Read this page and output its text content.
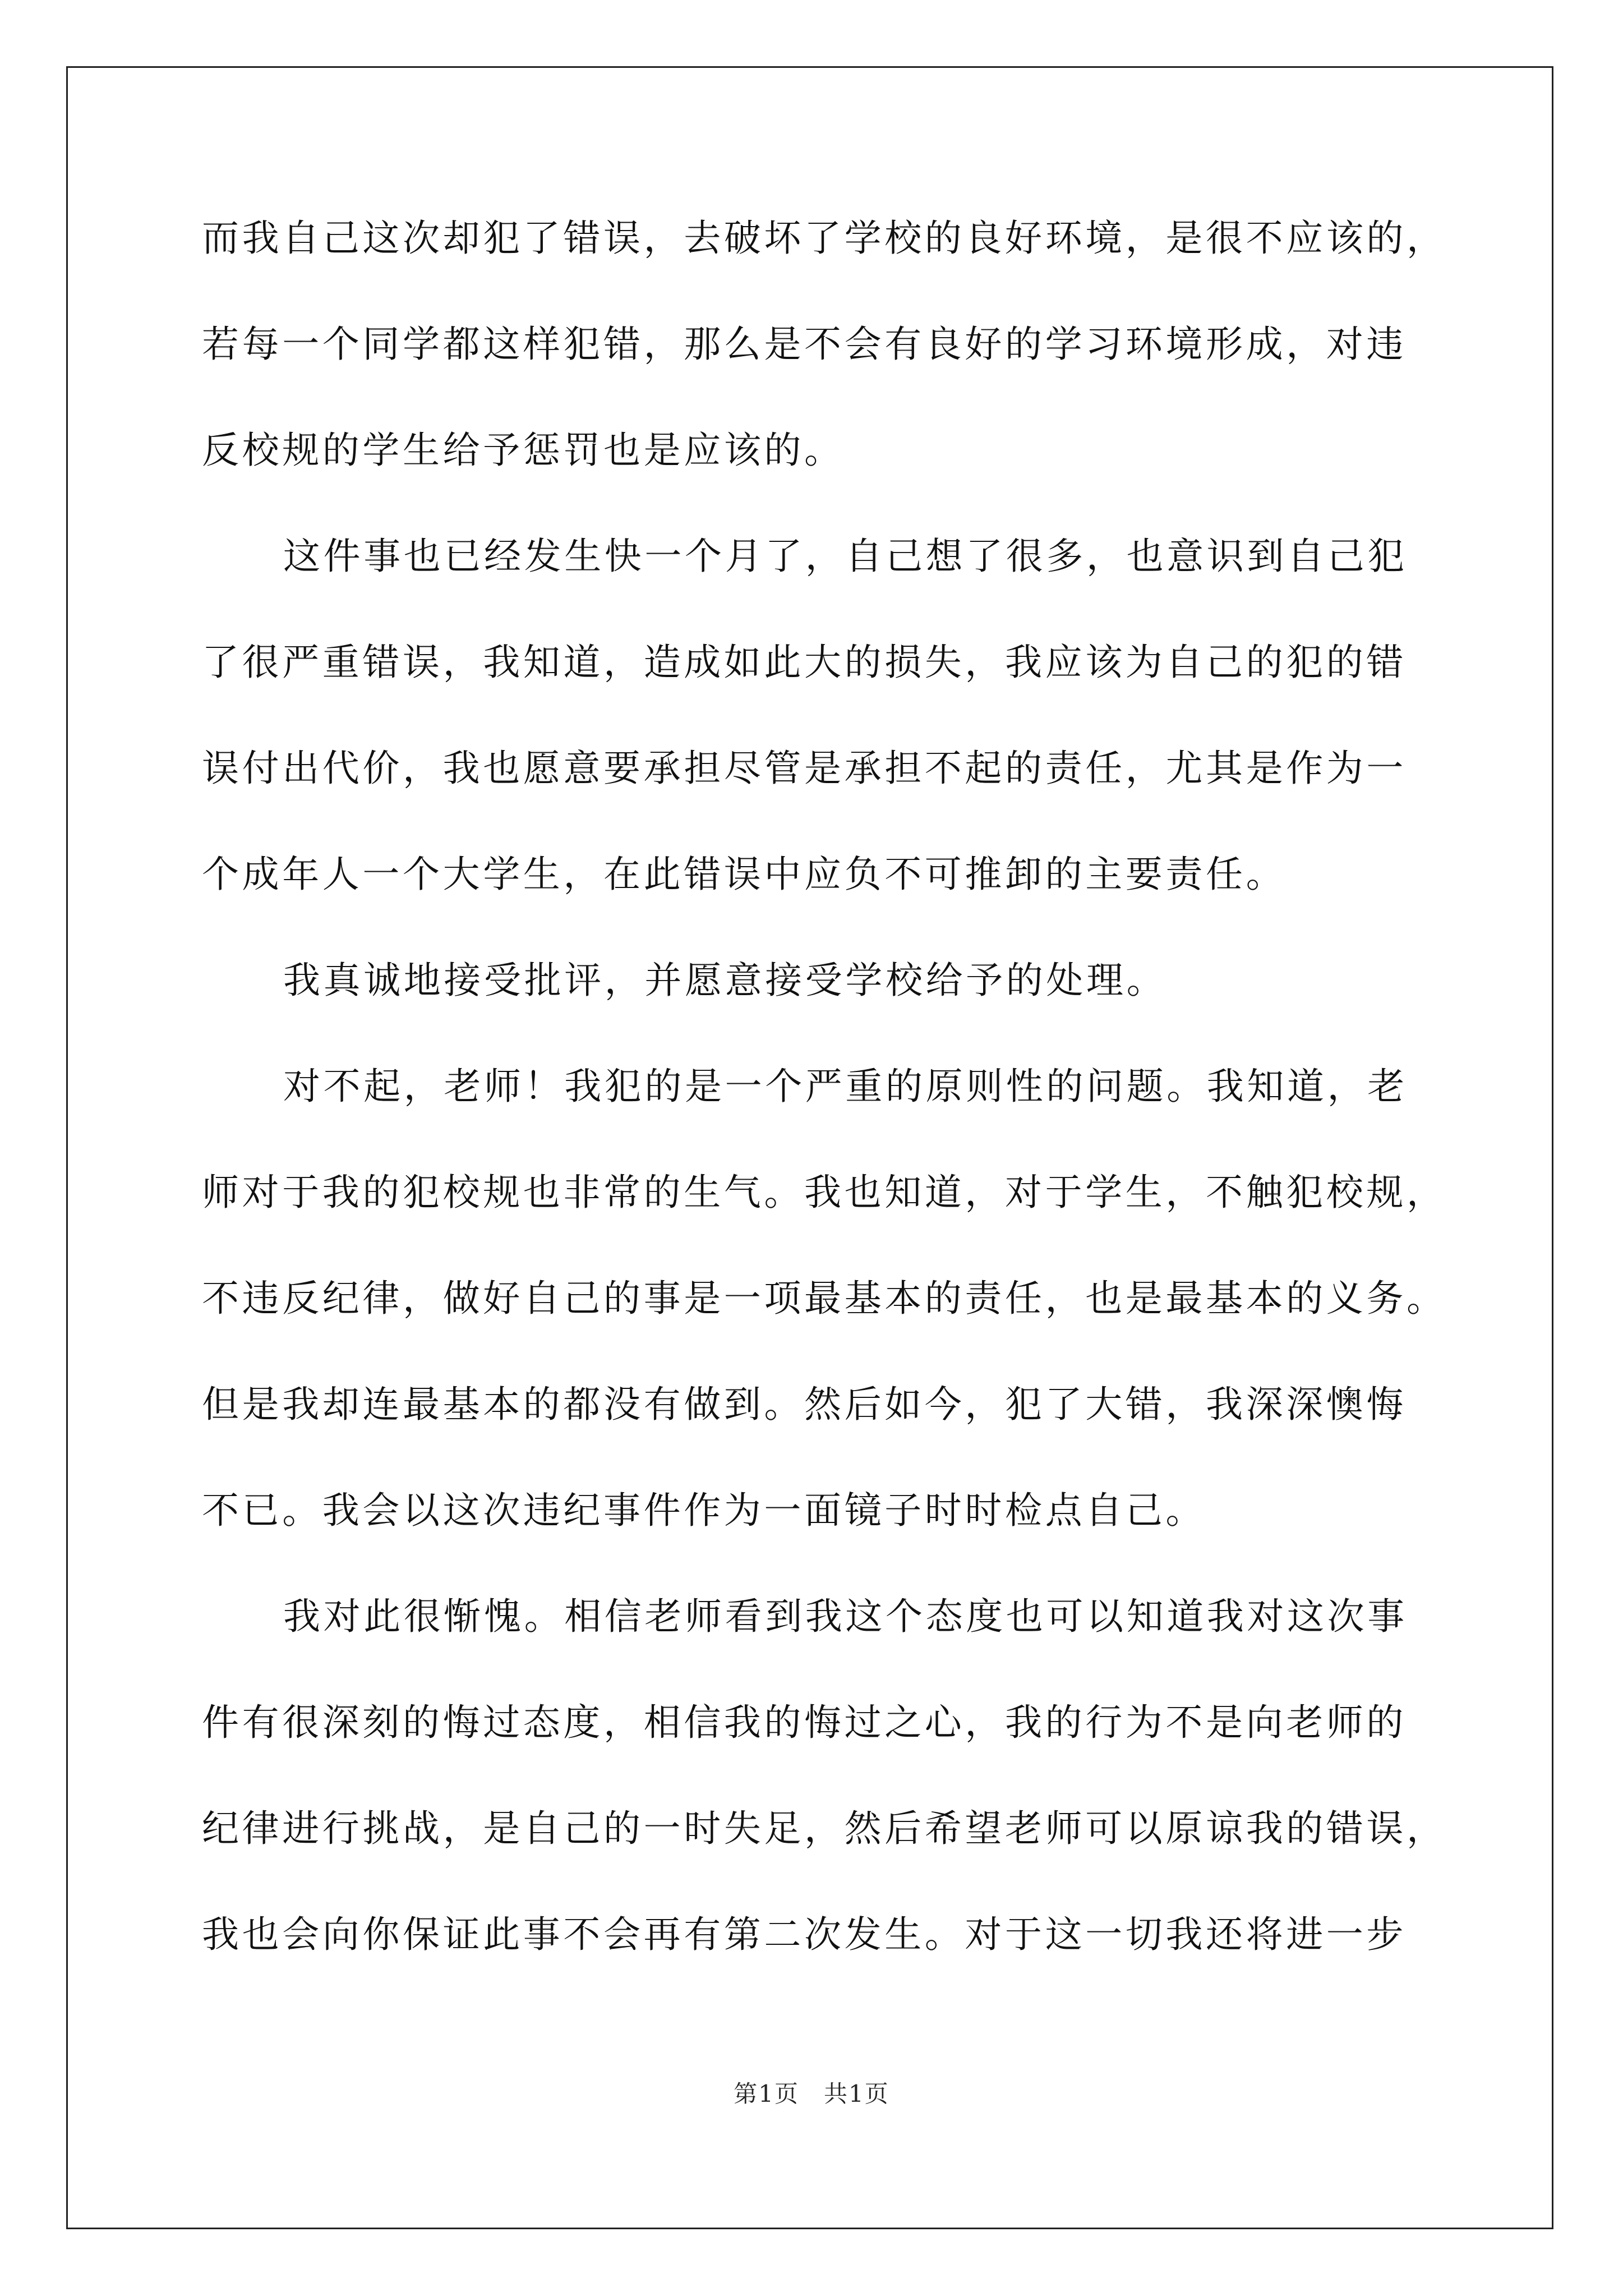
而我自己这次却犯了错误，去破坏了学校的良好环境，是很不应该的，
若每一个同学都这样犯错，那么是不会有良好的学习环境形成，对违
反校规的学生给予惩罚也是应该的。
这件事也已经发生快一个月了，自己想了很多，也意识到自己犯
了很严重错误，我知道，造成如此大的损失，我应该为自己的犯的错
误付出代价，我也愿意要承担尽管是承担不起的责任，尤其是作为一
个成年人一个大学生，在此错误中应负不可推卸的主要责任。
我真诚地接受批评，并愿意接受学校给予的处理。
对不起，老师！我犯的是一个严重的原则性的问题。我知道，老
师对于我的犯校规也非常的生气。我也知道，对于学生，不触犯校规，
不违反纪律，做好自己的事是一项最基本的责任，也是最基本的义务。
但是我却连最基本的都没有做到。然后如今，犯了大错，我深深懊悔
不已。我会以这次违纪事件作为一面镜子时时检点自己。
我对此很惭愧。相信老师看到我这个态度也可以知道我对这次事
件有很深刻的悔过态度，相信我的悔过之心，我的行为不是向老师的
纪律进行挑战，是自己的一时失足，然后希望老师可以原谅我的错误，
我也会向你保证此事不会再有第二次发生。对于这一切我还将进一步
第1页　共1页
